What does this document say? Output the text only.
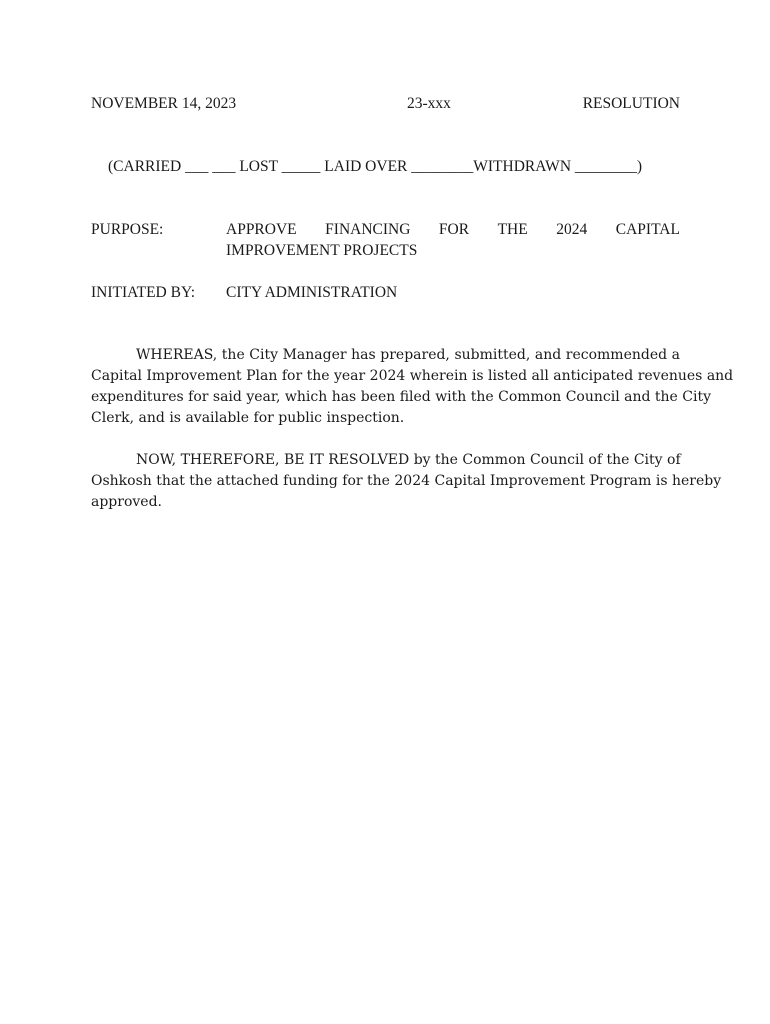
NOVEMBER 14, 2023	23-xxx	RESOLUTION
(CARRIED ___ ___ LOST _____ LAID OVER ________WITHDRAWN ________)
PURPOSE:	APPROVE FINANCING FOR THE 2024 CAPITAL
IMPROVEMENT PROJECTS
INITIATED BY: CITY ADMINISTRATION
WHEREAS, the City Manager has prepared, submitted, and recommended a
Capital Improvement Plan for the year 2024 wherein is listed all anticipated revenues and
expenditures for said year, which has been filed with the Common Council and the City
Clerk, and is available for public inspection.
NOW, THEREFORE, BE IT RESOLVED by the Common Council of the City of
Oshkosh that the attached funding for the 2024 Capital Improvement Program is hereby
approved.
